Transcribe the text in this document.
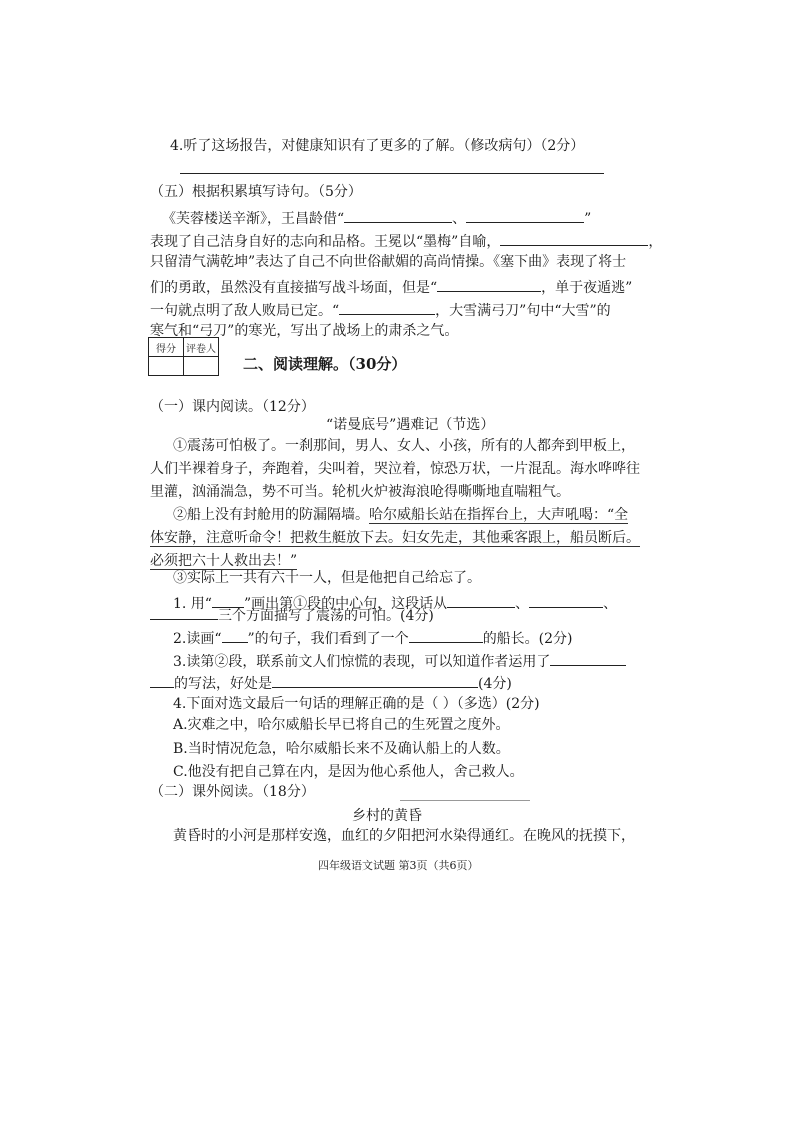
4.听了这场报告，对健康知识有了更多的了解。（修改病句）（2分）
（五）根据积累填写诗句。（5分）
《芙蓉楼送辛渐》，王昌龄借“	、	”
表现了自己洁身自好的志向和品格。王冕以“墨梅”自喻，	，
只留清气满乾坤”表达了自己不向世俗献媚的高尚情操。《塞下曲》表现了将士
们的勇敢，虽然没有直接描写战斗场面，但是“	，单于夜遁逃”
一句就点明了敌人败局已定。“	，大雪满弓刀”句中“大雪”的
寒气和“弓刀”的寒光，写出了战场上的肃杀之气。
得分	评卷人

二、阅读理解。（30分）
（一）课内阅读。（12分）
“诺曼底号”遇难记（节选）
①震荡可怕极了。一刹那间，男人、女人、小孩，所有的人都奔到甲板上，
人们半裸着身子，奔跑着，尖叫着，哭泣着，惊恐万状，一片混乱。海水哗哗往
里灌，汹涌湍急，势不可当。轮机火炉被海浪呛得嘶嘶地直喘粗气。
②船上没有封舱用的防漏隔墙。哈尔威船长站在指挥台上，大声吼喝：“全
体安静，注意听命令！把救生艇放下去。妇女先走，其他乘客跟上，船员断后。
必须把六十人救出去！”
③实际上一共有六十一人，但是他把自己给忘了。
1. 用“ ”画出第①段的中心句，这段话从	、	、
三个方面描写了震荡的可怕。(4分)
2.读画“ ”的句子，我们看到了一个	的船长。(2分)
3.读第②段，联系前文人们惊慌的表现，可以知道作者运用了
的写法，好处是	(4分)
4.下面对选文最后一句话的理解正确的是（ ）（多选）(2分)
A.灾难之中，哈尔威船长早已将自己的生死置之度外。
B.当时情况危急，哈尔威船长来不及确认船上的人数。
C.他没有把自己算在内，是因为他心系他人，舍己救人。
（二）课外阅读。（18分）
乡村的黄昏
黄昏时的小河是那样安逸，血红的夕阳把河水染得通红。在晚风的抚摸下，
四年级语文试题 第3页（共6页）
